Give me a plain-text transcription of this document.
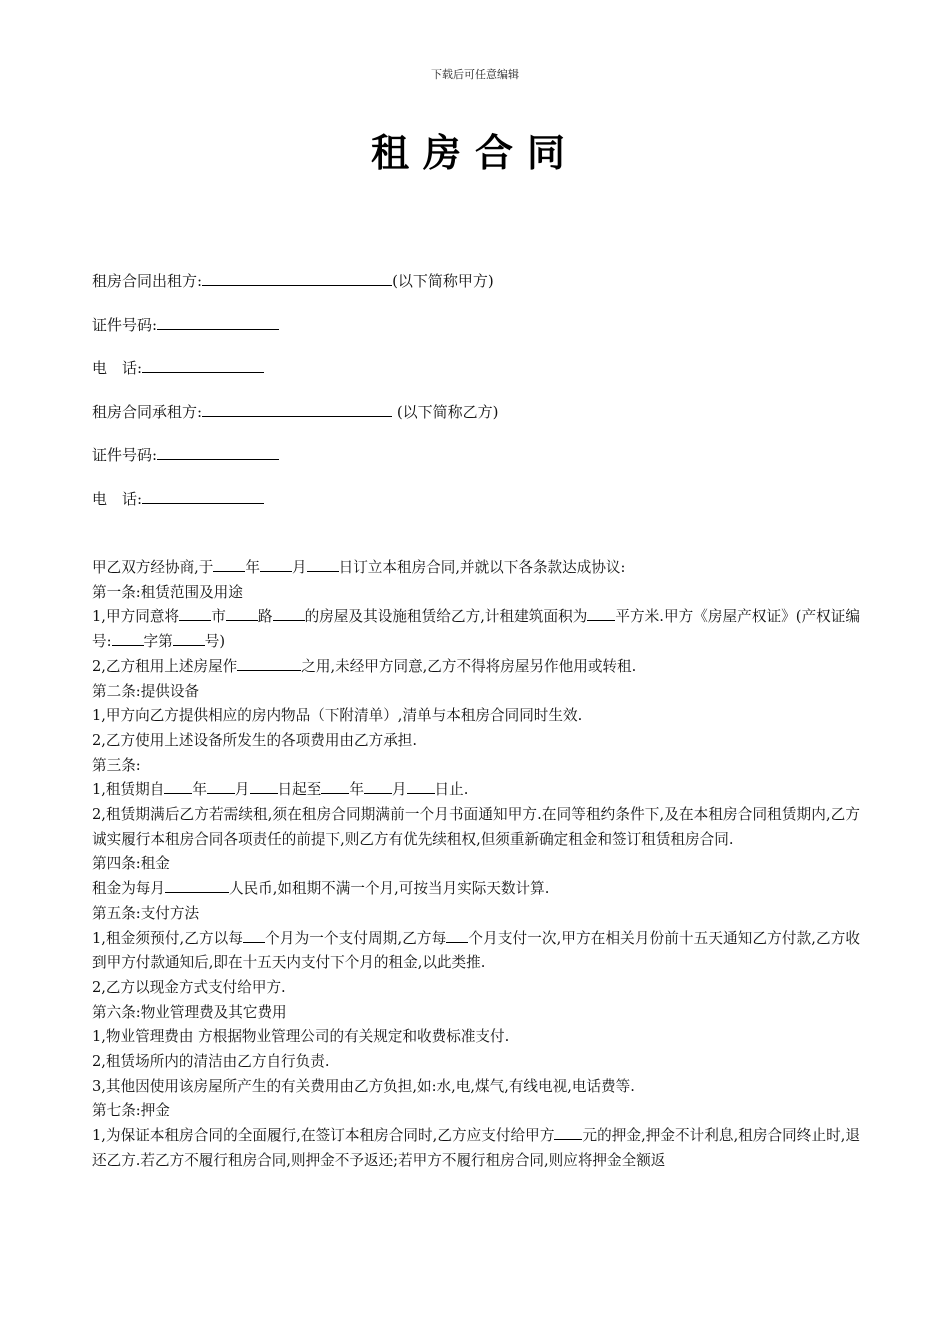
下载后可任意编辑
租房合同
租房合同出租方:	(以下简称甲方)
证件号码:
电　话:
租房合同承租方:	(以下简称乙方)
证件号码:
电　话:

甲乙双方经协商,于 年 月 日订立本租房合同,并就以下各条款达成协议:

第一条:租赁范围及用途

1,甲方同意将 市 路 的房屋及其设施租赁给乙方,计租建筑面积为 平方米.甲方《房屋产权证》(产权证编号: 字第 号)

2,乙方租用上述房屋作	之用,未经甲方同意,乙方不得将房屋另作他用或转租.

第二条:提供设备

1,甲方向乙方提供相应的房内物品（下附清单）,清单与本租房合同同时生效.

2,乙方使用上述设备所发生的各项费用由乙方承担.

第三条:

1,租赁期自 年 月 日起至 年 月 日止.

2,租赁期满后乙方若需续租,须在租房合同期满前一个月书面通知甲方.在同等租约条件下,及在本租房合同租赁期内,乙方诚实履行本租房合同各项责任的前提下,则乙方有优先续租权,但须重新确定租金和签订租赁租房合同.

第四条:租金

租金为每月	人民币,如租期不满一个月,可按当月实际天数计算.

第五条:支付方法

1,租金须预付,乙方以每 个月为一个支付周期,乙方每 个月支付一次,甲方在相关月份前十五天通知乙方付款,乙方收到甲方付款通知后,即在十五天内支付下个月的租金,以此类推.

2,乙方以现金方式支付给甲方.

第六条:物业管理费及其它费用

1,物业管理费由 方根据物业管理公司的有关规定和收费标准支付.

2,租赁场所内的清洁由乙方自行负责.

3,其他因使用该房屋所产生的有关费用由乙方负担,如:水,电,煤气,有线电视,电话费等.

第七条:押金

1,为保证本租房合同的全面履行,在签订本租房合同时,乙方应支付给甲方 元的押金,押金不计利息,租房合同终止时,退还乙方.若乙方不履行租房合同,则押金不予返还;若甲方不履行租房合同,则应将押金全额返
